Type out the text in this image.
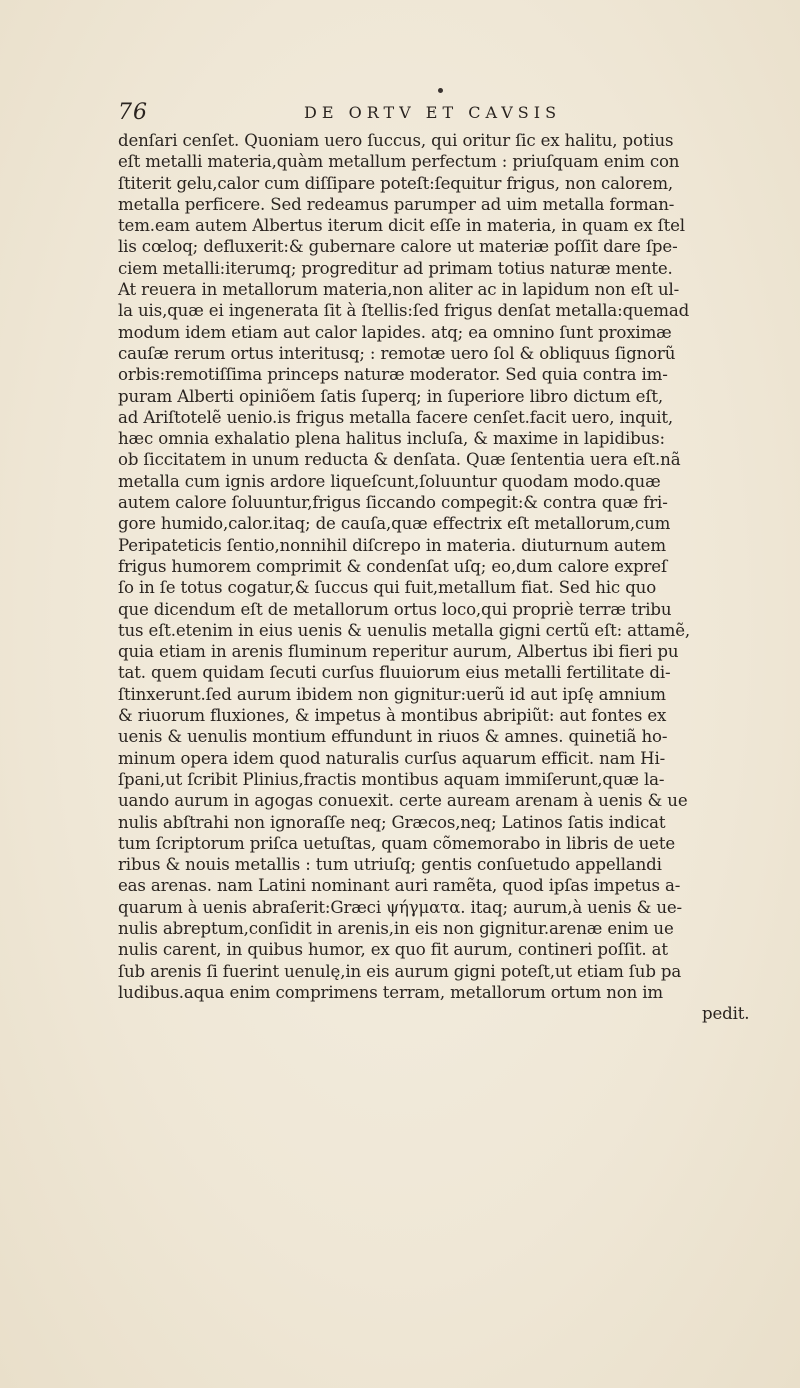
76	DE ORTV ET CAVSIS
denſari cenſet. Quoniam uero ſuccus, qui oritur ſic ex halitu, potius
eſt metalli materia,quàm metallum perfectum : priuſquam enim con
ſtiterit gelu,calor cum diſſipare poteſt:ſequitur frigus, non calorem,
metalla perficere. Sed redeamus parumper ad uim metalla forman-
tem.eam autem Albertus iterum dicit eſſe in materia, in quam ex ſtel
lis cœloq; defluxerit:& gubernare calore ut materiæ poſſit dare ſpe-
ciem metalli:iterumq; progreditur ad primam totius naturæ mente.
At reuera in metallorum materia,non aliter ac in lapidum non eſt ul-
la uis,quæ ei ingenerata ſit à ſtellis:ſed frigus denſat metalla:quemad
modum idem etiam aut calor lapides. atq; ea omnino ſunt proximæ
cauſæ rerum ortus interitusq; : remotæ uero ſol & obliquus ſignorũ
orbis:remotiſſima princeps naturæ moderator. Sed quia contra im-
puram Alberti opiniõem ſatis ſuperq; in ſuperiore libro dictum eſt,
ad Ariſtotelẽ uenio.is frigus metalla facere cenſet.facit uero, inquit,
hæc omnia exhalatio plena halitus incluſa, & maxime in lapidibus:
ob ſiccitatem in unum reducta & denſata. Quæ ſententia uera eſt.nã
metalla cum ignis ardore liqueſcunt,ſoluuntur quodam modo.quæ
autem calore ſoluuntur,frigus ſiccando compegit:& contra quæ fri-
gore humido,calor.itaq; de cauſa,quæ effectrix eſt metallorum,cum
Peripateticis ſentio,nonnihil diſcrepo in materia. diuturnum autem
frigus humorem comprimit & condenſat uſq; eo,dum calore expreſ
ſo in ſe totus cogatur,& ſuccus qui fuit,metallum fiat. Sed hic quo
que dicendum eſt de metallorum ortus loco,qui propriè terræ tribu
tus eſt.etenim in eius uenis & uenulis metalla gigni certũ eſt: attamẽ,
quia etiam in arenis fluminum reperitur aurum, Albertus ibi fieri pu
tat. quem quidam ſecuti curſus fluuiorum eius metalli fertilitate di-
ſtinxerunt.ſed aurum ibidem non gignitur:uerũ id aut ipſę amnium
& riuorum fluxiones, & impetus à montibus abripiũt: aut fontes ex
uenis & uenulis montium effundunt in riuos & amnes. quinetiã ho-
minum opera idem quod naturalis curſus aquarum efficit. nam Hi-
ſpani,ut ſcribit Plinius,fractis montibus aquam immiſerunt,quæ la-
uando aurum in agogas conuexit. certe auream arenam à uenis & ue
nulis abſtrahi non ignoraſſe neq; Græcos,neq; Latinos ſatis indicat
tum ſcriptorum priſca uetuſtas, quam cõmemorabo in libris de uete
ribus & nouis metallis : tum utriuſq; gentis conſuetudo appellandi
eas arenas. nam Latini nominant auri ramẽta, quod ipſas impetus a-
quarum à uenis abraſerit:Græci ψήγματα. itaq; aurum,à uenis & ue-
nulis abreptum,conſidit in arenis,in eis non gignitur.arenæ enim ue
nulis carent, in quibus humor, ex quo fit aurum, contineri poſſit. at
ſub arenis ſi fuerint uenulę,in eis aurum gigni poteſt,ut etiam ſub pa
ludibus.aqua enim comprimens terram, metallorum ortum non im
pedit.
